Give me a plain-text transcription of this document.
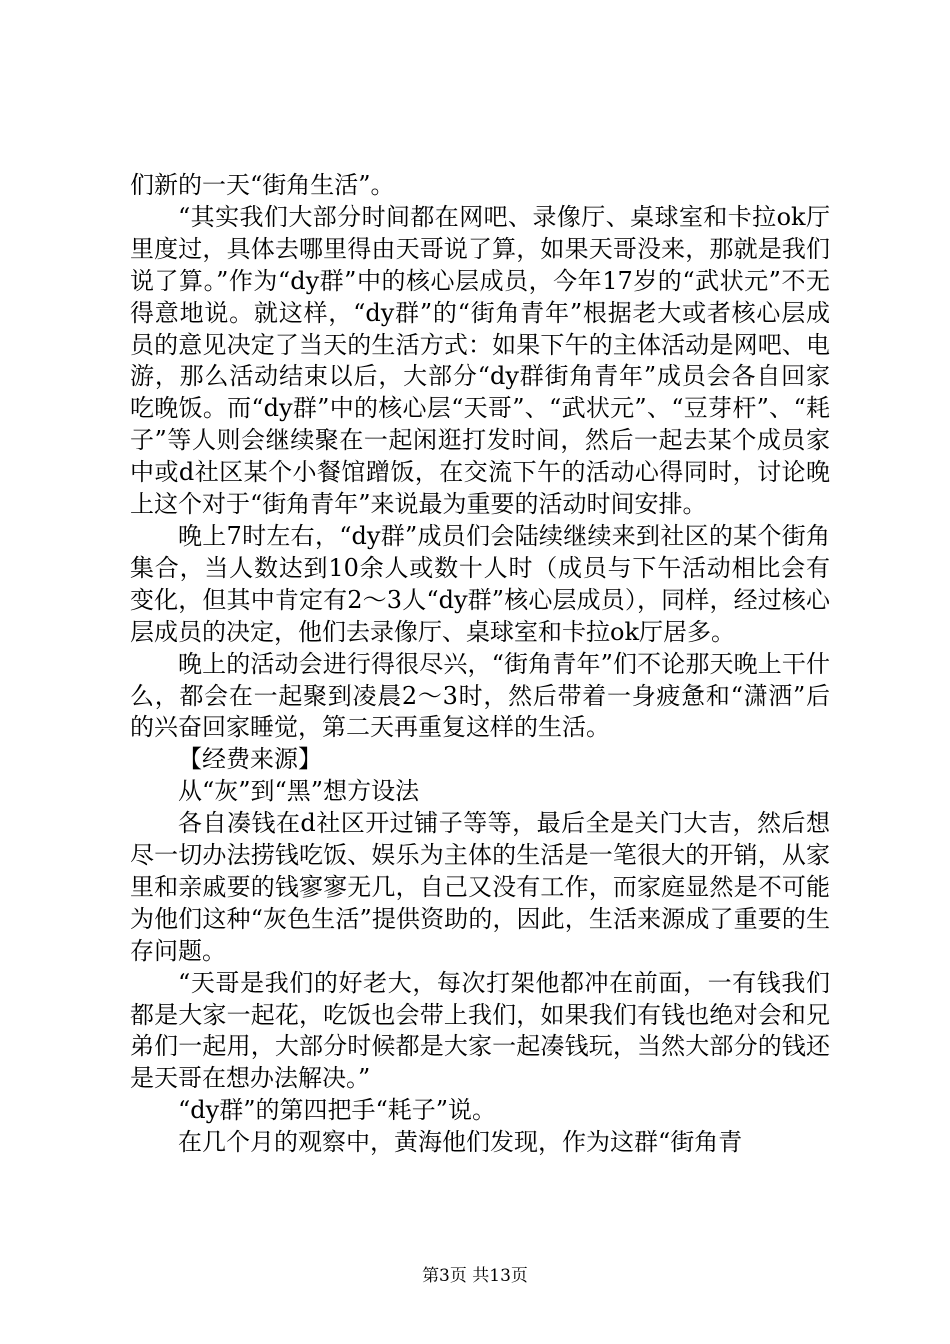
们新的一天“街角生活”。

“其实我们大部分时间都在网吧、录像厅、桌球室和卡拉ok厅里度过，具体去哪里得由天哥说了算，如果天哥没来，那就是我们说了算。”作为“dy群”中的核心层成员，今年17岁的“武状元”不无得意地说。就这样，“dy群”的“街角青年”根据老大或者核心层成员的意见决定了当天的生活方式：如果下午的主体活动是网吧、电游，那么活动结束以后，大部分“dy群街角青年”成员会各自回家吃晚饭。而“dy群”中的核心层“天哥”、“武状元”、“豆芽杆”、“耗子”等人则会继续聚在一起闲逛打发时间，然后一起去某个成员家中或d社区某个小餐馆蹭饭，在交流下午的活动心得同时，讨论晚上这个对于“街角青年”来说最为重要的活动时间安排。

晚上7时左右，“dy群”成员们会陆续继续来到社区的某个街角集合，当人数达到10余人或数十人时（成员与下午活动相比会有变化，但其中肯定有2～3人“dy群”核心层成员），同样，经过核心层成员的决定，他们去录像厅、桌球室和卡拉ok厅居多。

晚上的活动会进行得很尽兴，“街角青年”们不论那天晚上干什么，都会在一起聚到凌晨2～3时，然后带着一身疲惫和“潇洒”后的兴奋回家睡觉，第二天再重复这样的生活。

【经费来源】

从“灰”到“黑”想方设法

各自凑钱在d社区开过铺子等等，最后全是关门大吉，然后想尽一切办法捞钱吃饭、娱乐为主体的生活是一笔很大的开销，从家里和亲戚要的钱寥寥无几，自己又没有工作，而家庭显然是不可能为他们这种“灰色生活”提供资助的，因此，生活来源成了重要的生存问题。

“天哥是我们的好老大，每次打架他都冲在前面，一有钱我们都是大家一起花，吃饭也会带上我们，如果我们有钱也绝对会和兄弟们一起用，大部分时候都是大家一起凑钱玩，当然大部分的钱还是天哥在想办法解决。”

“dy群”的第四把手“耗子”说。

在几个月的观察中，黄海他们发现，作为这群“街角青

第3页 共13页
